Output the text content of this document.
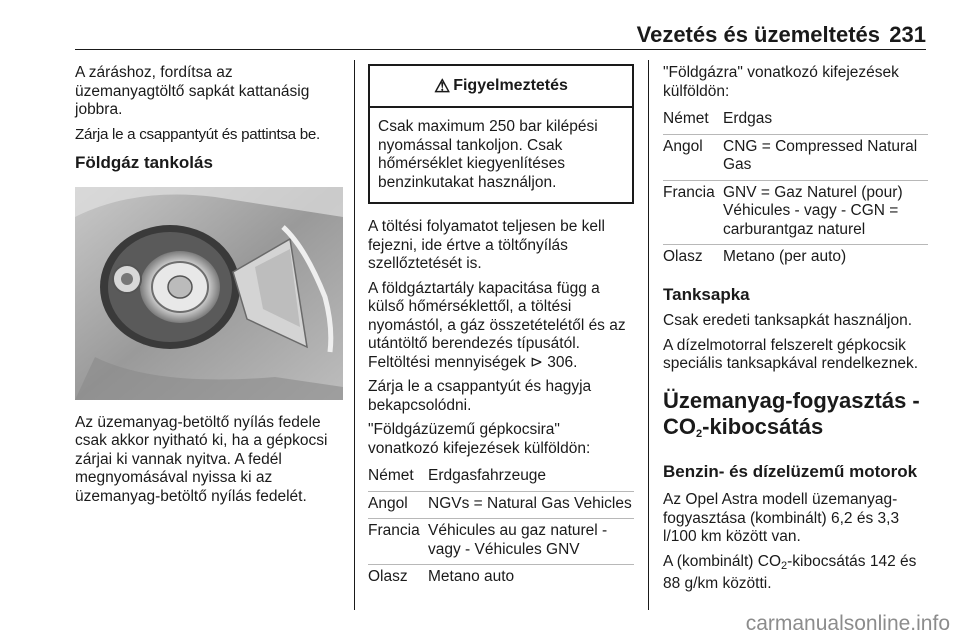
Vezetés és üzemeltetés 231

A záráshoz, fordítsa az üzemanyagtöltő sapkát kattanásig jobbra.

Zárja le a csappantyút és pattintsa be.

Földgáz tankolás

Az üzemanyag-betöltő nyílás fedele csak akkor nyitható ki, ha a gépkocsi zárjai ki vannak nyitva. A fedél megnyomásával nyissa ki az üzemanyag-betöltő nyílás fedelét.

⚠ Figyelmeztetés
Csak maximum 250 bar kilépési nyomással tankoljon. Csak hőmérséklet kiegyenlítéses benzinkutakat használjon.

A töltési folyamatot teljesen be kell fejezni, ide értve a töltőnyílás szellőztetését is.

A földgáztartály kapacitása függ a külső hőmérséklettől, a töltési nyomástól, a gáz összetételétől és az utántöltő berendezés típusától. Feltöltési mennyiségek ⊳ 306.

Zárja le a csappantyút és hagyja bekapcsolódni.

"Földgázüzemű gépkocsira" vonatkozó kifejezések külföldön:

Német	Erdgasfahrzeuge
Angol	NGVs = Natural Gas Vehicles
Francia	Véhicules au gaz naturel - vagy - Véhicules GNV
Olasz	Metano auto

"Földgázra" vonatkozó kifejezések külföldön:

Német	Erdgas
Angol	CNG = Compressed Natural Gas
Francia	GNV = Gaz Naturel (pour) Véhicules - vagy - CGN = carburantgaz naturel
Olasz	Metano (per auto)
Tanksapka

Csak eredeti tanksapkát használjon.

A dízelmotorral felszerelt gépkocsik speciális tanksapkával rendelkeznek.

Üzemanyag-fogyasztás -
$CO_2$-kibocsátás
Benzin- és dízelüzemű motorok

Az Opel Astra modell üzemanyag-fogyasztása (kombinált) 6,2 és 3,3 l/100 km között van.

A (kombinált) $CO_2$-kibocsátás 142 és 88 g/km közötti.

carmanualsonline.info
